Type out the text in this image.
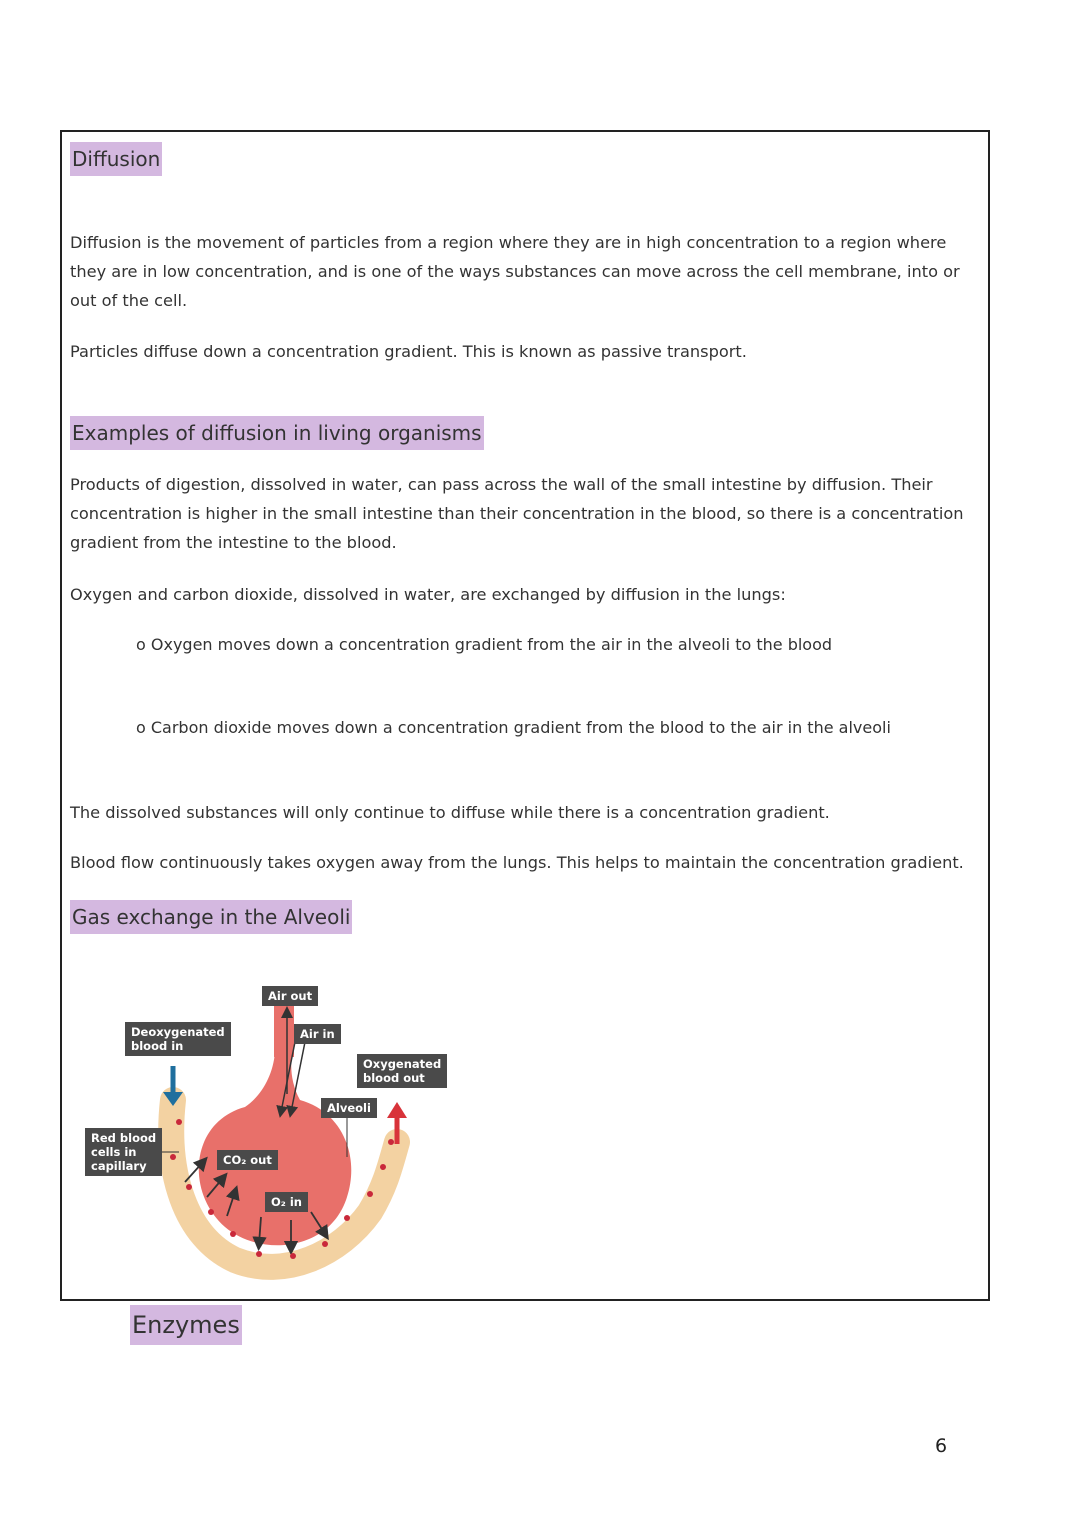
Diffusion

Diffusion is the movement of particles from a region where they are in high concentration to a region where they are in low concentration, and is one of the ways substances can move across the cell membrane, into or out of the cell.

Particles diffuse down a concentration gradient. This is known as passive transport.

Examples of diffusion in living organisms

Products of digestion, dissolved in water, can pass across the wall of the small intestine by diffusion. Their concentration is higher in the small intestine than their concentration in the blood, so there is a concentration gradient from the intestine to the blood.

Oxygen and carbon dioxide, dissolved in water, are exchanged by diffusion in the lungs:

o Oxygen moves down a concentration gradient from the air in the alveoli to the blood
o Carbon dioxide moves down a concentration gradient from the blood to the air in the alveoli

The dissolved substances will only continue to diffuse while there is a concentration gradient.

Blood flow continuously takes oxygen away from the lungs. This helps to maintain the concentration gradient.

Gas exchange in the Alveoli
Air out
Air in
Deoxygenated
blood in
Oxygenated
blood out
Alveoli
Red blood
cells in
capillary	CO₂ out
O₂ in
Enzymes
6
